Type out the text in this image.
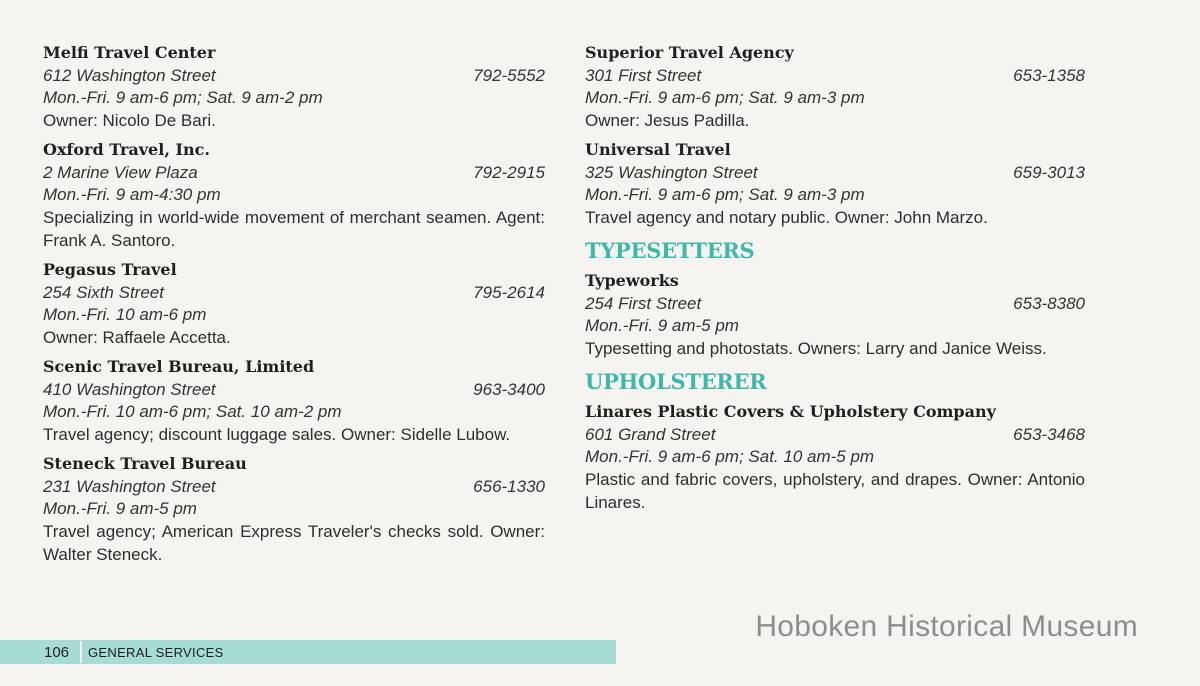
Melfi Travel Center
612 Washington Street	792-5552
Mon.-Fri. 9 am-6 pm; Sat. 9 am-2 pm
Owner: Nicolo De Bari.
Oxford Travel, Inc.
2 Marine View Plaza	792-2915
Mon.-Fri. 9 am-4:30 pm
Specializing in world-wide movement of merchant seamen. Agent: Frank A. Santoro.
Pegasus Travel
254 Sixth Street	795-2614
Mon.-Fri. 10 am-6 pm
Owner: Raffaele Accetta.
Scenic Travel Bureau, Limited
410 Washington Street	963-3400
Mon.-Fri. 10 am-6 pm; Sat. 10 am-2 pm
Travel agency; discount luggage sales. Owner: Sidelle Lubow.
Steneck Travel Bureau
231 Washington Street	656-1330
Mon.-Fri. 9 am-5 pm
Travel agency; American Express Traveler's checks sold. Owner: Walter Steneck.
Superior Travel Agency
301 First Street	653-1358
Mon.-Fri. 9 am-6 pm; Sat. 9 am-3 pm
Owner: Jesus Padilla.
Universal Travel
325 Washington Street	659-3013
Mon.-Fri. 9 am-6 pm; Sat. 9 am-3 pm
Travel agency and notary public. Owner: John Marzo.
TYPESETTERS
Typeworks
254 First Street	653-8380
Mon.-Fri. 9 am-5 pm
Typesetting and photostats. Owners: Larry and Janice Weiss.
UPHOLSTERER
Linares Plastic Covers & Upholstery Company
601 Grand Street	653-3468
Mon.-Fri. 9 am-6 pm; Sat. 10 am-5 pm
Plastic and fabric covers, upholstery, and drapes. Owner: Antonio Linares.
106	GENERAL SERVICES
Hoboken Historical Museum
